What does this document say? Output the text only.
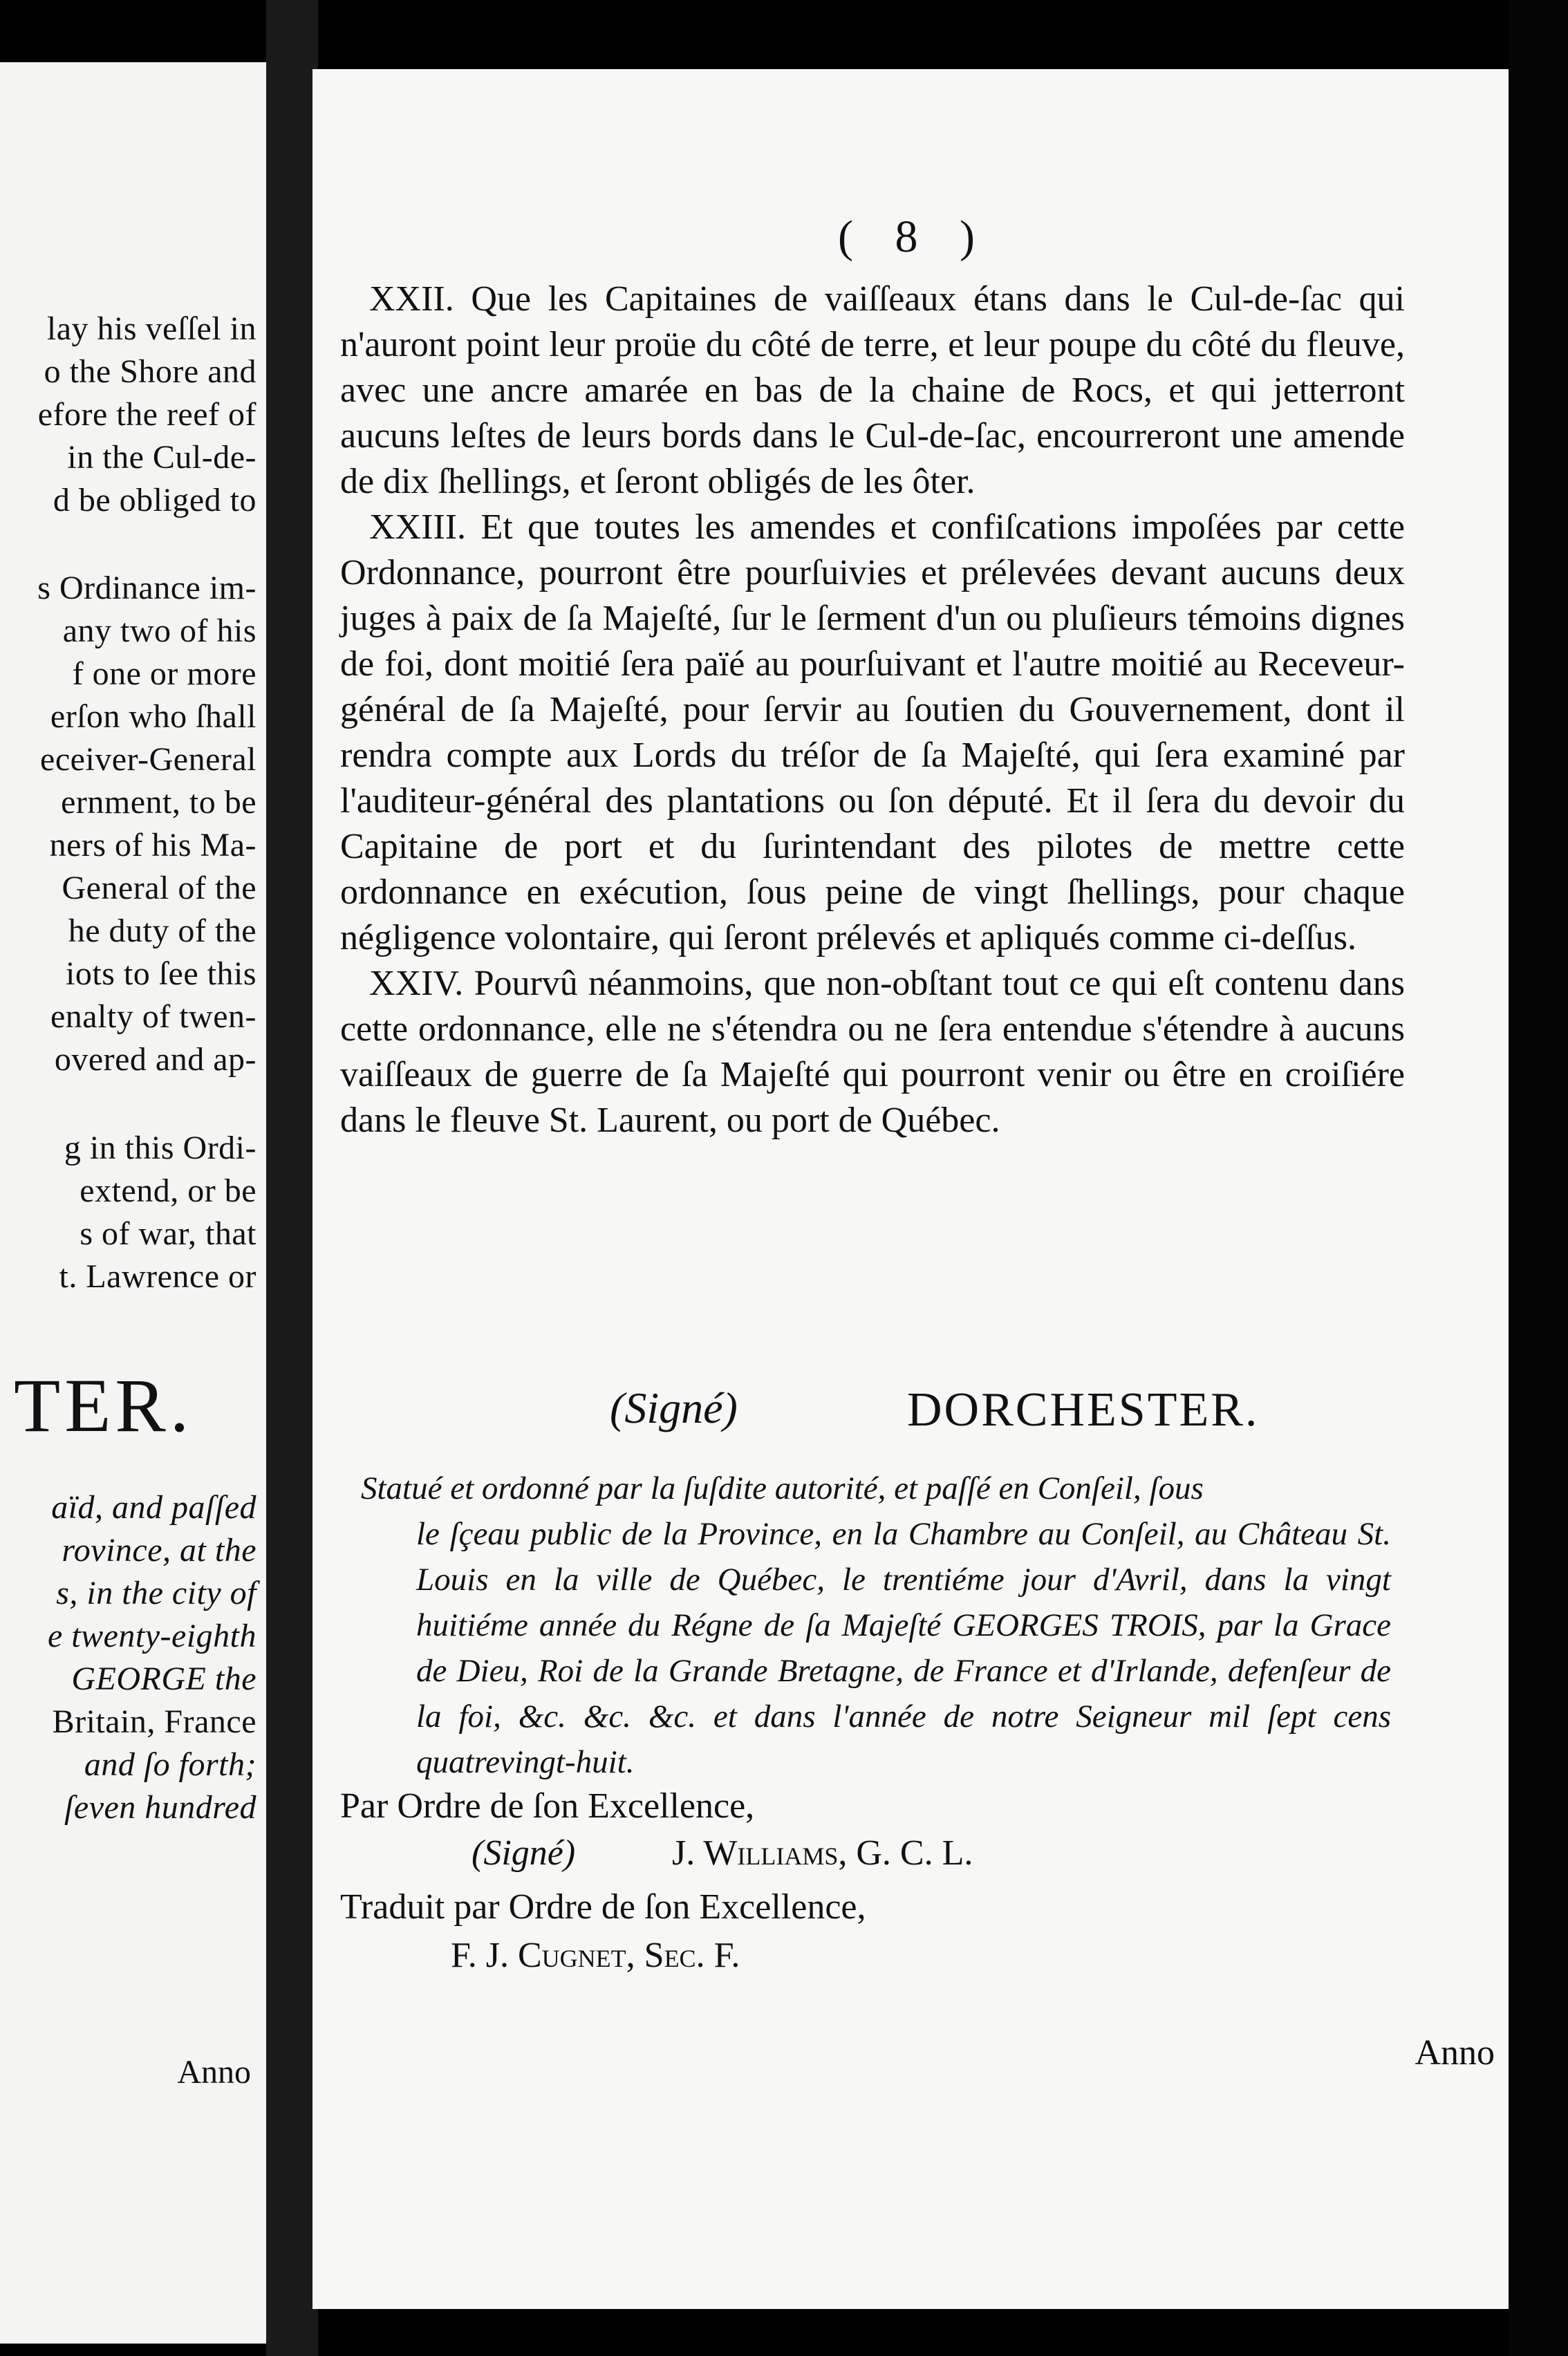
lay his veſſel in
o the Shore and
efore the reef of
in the Cul-de-
d be obliged to
s Ordinance im-
any two of his
f one or more
erſon who ſhall
eceiver-General
ernment, to be
ners of his Ma-
General of the
he duty of the
iots to ſee this
enalty of twen-
overed and ap-
g in this Ordi-
extend, or be
s of war, that
t. Lawrence or
TER.
aïd, and paſſed
rovince, at the
s, in the city of
e twenty-eighth
GEORGE the
Britain, France
and ſo forth;
ſeven hundred
Anno
( 8 )

XXII. Que les Capitaines de vaiſſeaux étans dans le Cul-de-ſac qui n'auront point leur proüe du côté de terre, et leur poupe du côté du fleuve, avec une ancre amarée en bas de la chaine de Rocs, et qui jetterront aucuns leſtes de leurs bords dans le Cul-de-ſac, encourreront une amende de dix ſhellings, et ſeront obligés de les ôter.

XXIII. Et que toutes les amendes et confiſcations impoſées par cette Ordonnance, pourront être pourſuivies et prélevées devant aucuns deux juges à paix de ſa Majeſté, ſur le ſerment d'un ou pluſieurs témoins dignes de foi, dont moitié ſera païé au pourſuivant et l'autre moitié au Receveur-général de ſa Majeſté, pour ſervir au ſoutien du Gouvernement, dont il rendra compte aux Lords du tréſor de ſa Majeſté, qui ſera examiné par l'auditeur-général des plantations ou ſon député. Et il ſera du devoir du Capitaine de port et du ſurintendant des pilotes de mettre cette ordonnance en exécution, ſous peine de vingt ſhellings, pour chaque négligence volontaire, qui ſeront prélevés et apliqués comme ci-deſſus.

XXIV. Pourvû néanmoins, que non-obſtant tout ce qui eſt contenu dans cette ordonnance, elle ne s'étendra ou ne ſera entendue s'étendre à aucuns vaiſſeaux de guerre de ſa Majeſté qui pourront venir ou être en croiſiére dans le fleuve St. Laurent, ou port de Québec.

(Signé)	DORCHESTER.
Statué et ordonné par la ſuſdite autorité, et paſſé en Conſeil, ſous
le ſçeau public de la Province, en la Chambre au Conſeil, au Château St. Louis en la ville de Québec, le trentiéme jour d'Avril, dans la vingt huitiéme année du Régne de ſa Majeſté GEORGES TROIS, par la Grace de Dieu, Roi de la Grande Bretagne, de France et d'Irlande, defenſeur de la foi, &c. &c. &c. et dans l'année de notre Seigneur mil ſept cens quatrevingt-huit.
Par Ordre de ſon Excellence,
(Signé)	J. Williams, G. C. L.
Traduit par Ordre de ſon Excellence,
F. J. Cugnet, Sec. F.
Anno
